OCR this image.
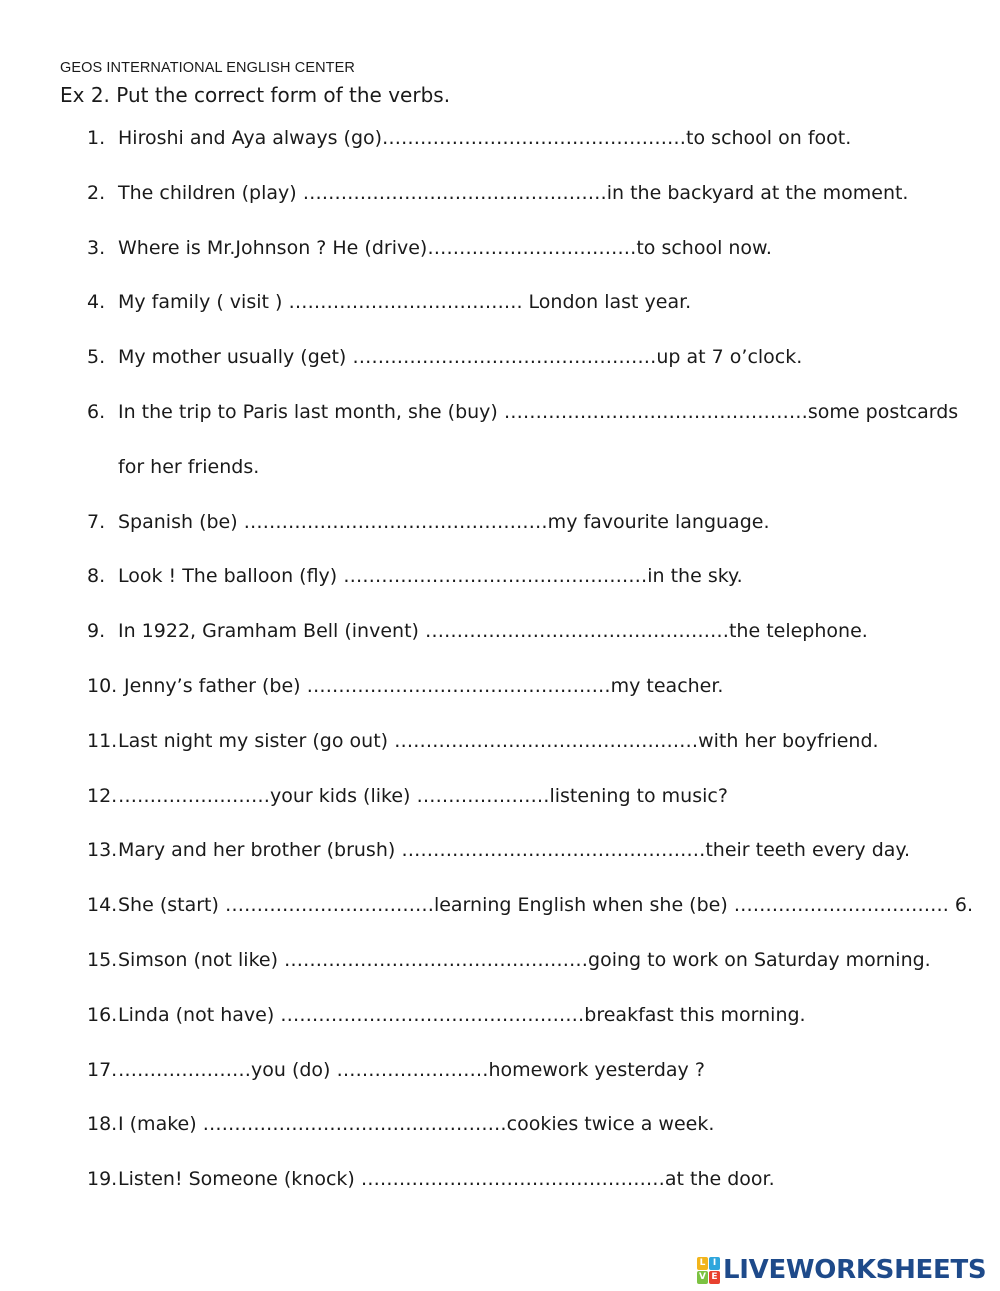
GEOS INTERNATIONAL ENGLISH CENTER
Ex 2. Put the correct form of the verbs.
1. Hiroshi and Aya always (go)…………………………………………to school on foot.
2. The children (play) …………………………………………in the backyard at the moment.
3. Where is Mr.Johnson ? He (drive)……………………………to school now.
4. My family ( visit ) ………………………………. London last year.
5. My mother usually (get) …………………………………………up at 7 o’clock.
6. In the trip to Paris last month, she (buy) …………………………………………some postcards
for her friends.
7. Spanish (be) …………………………………………my favourite language.
8. Look ! The balloon (fly) …………………………………………in the sky.
9. In 1922, Gramham Bell (invent) …………………………………………the telephone.
10. Jenny’s father (be) …………………………………………my teacher.
11.Last night my sister (go out) …………………………………………with her boyfriend.
12.……………………your kids (like) …………………listening to music?
13.Mary and her brother (brush) …………………………………………their teeth every day.
14.She (start) ……………………………learning English when she (be) ……………………………. 6.
15.Simson (not like) …………………………………………going to work on Saturday morning.
16.Linda (not have) …………………………………………breakfast this morning.
17.…………………you (do) ……………………homework yesterday ?
18.I (make) …………………………………………cookies twice a week.
19.Listen! Someone (knock) …………………………………………at the door.
L I
V E LIVEWORKSHEETS
